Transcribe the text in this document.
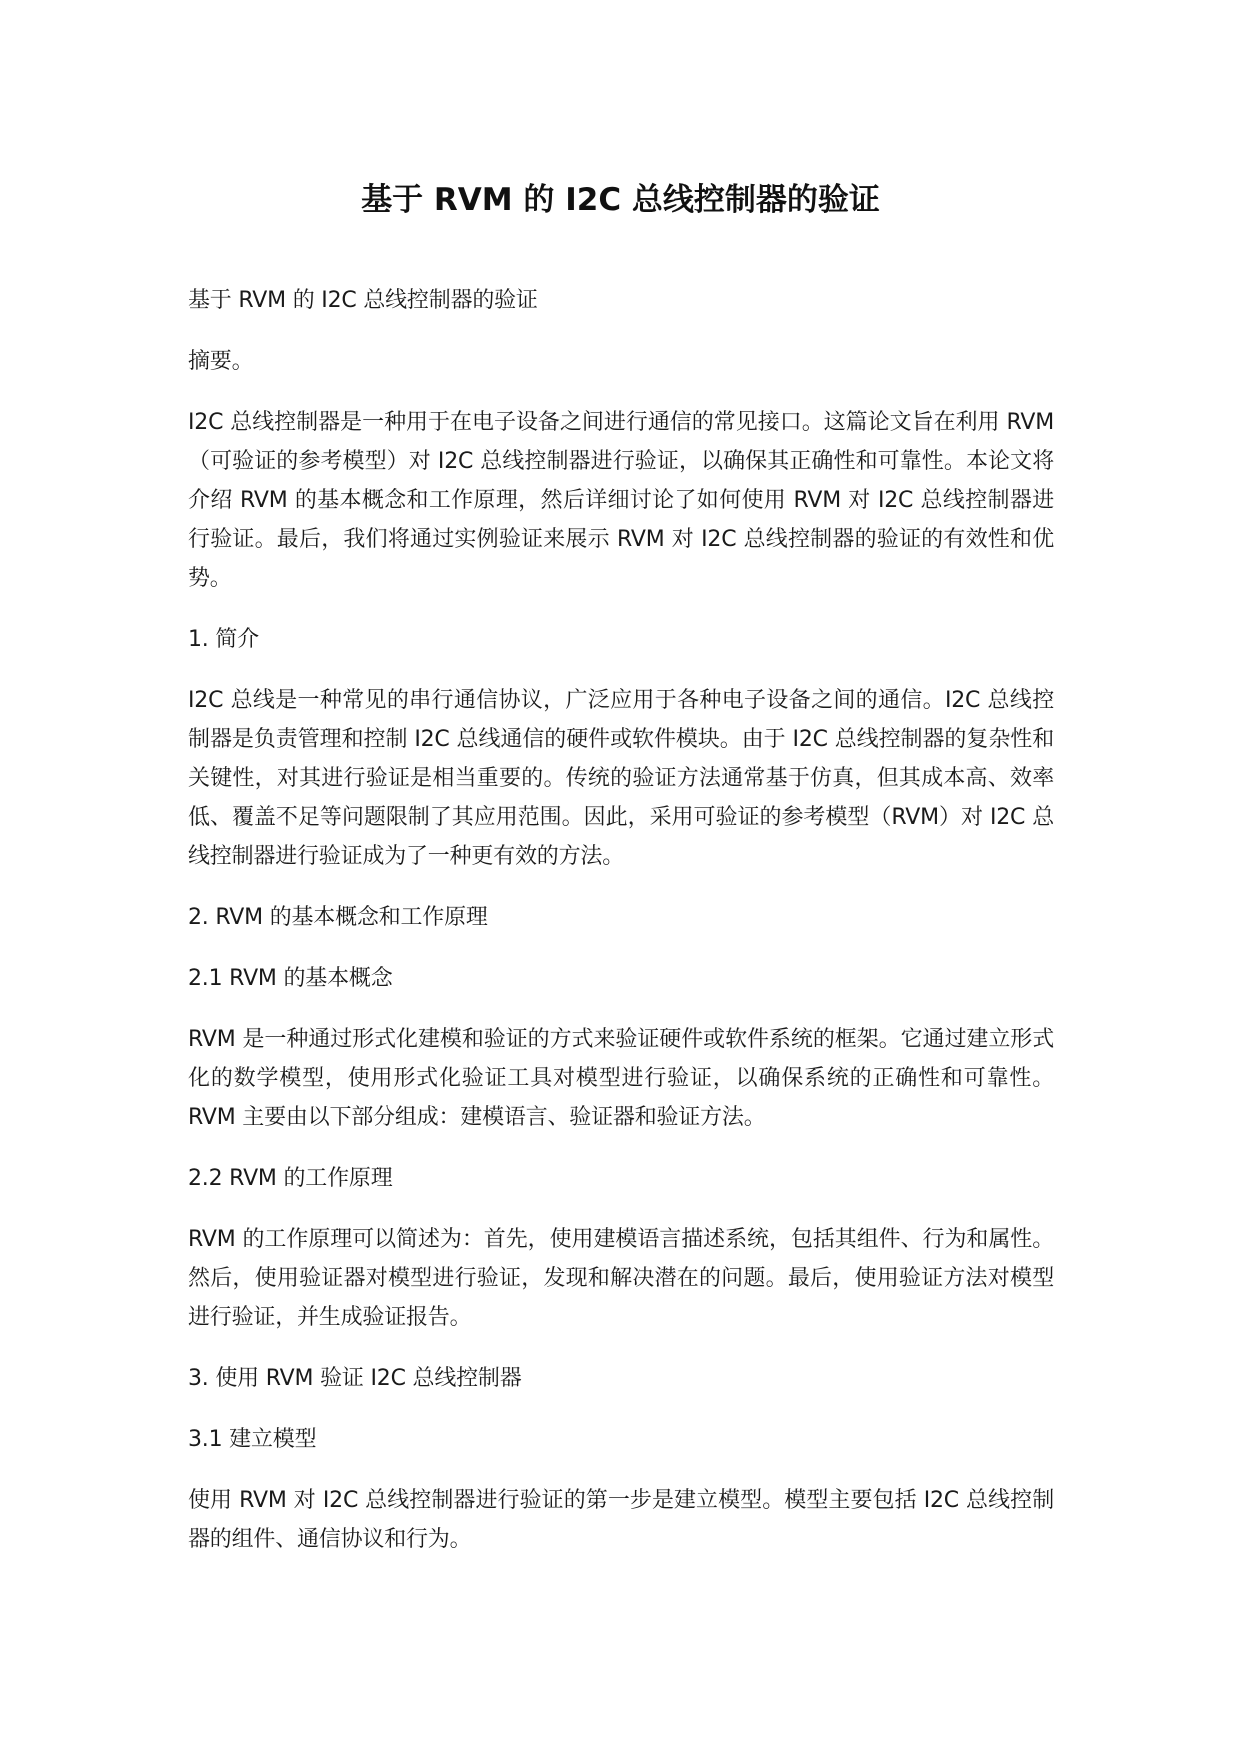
基于 RVM 的 I2C 总线控制器的验证

基于 RVM 的 I2C 总线控制器的验证

摘要。

I2C 总线控制器是一种用于在电子设备之间进行通信的常见接口。这篇论文旨在利用 RVM（可验证的参考模型）对 I2C 总线控制器进行验证，以确保其正确性和可靠性。本论文将介绍 RVM 的基本概念和工作原理，然后详细讨论了如何使用 RVM 对 I2C 总线控制器进行验证。最后，我们将通过实例验证来展示 RVM 对 I2C 总线控制器的验证的有效性和优势。

1. 简介

I2C 总线是一种常见的串行通信协议，广泛应用于各种电子设备之间的通信。I2C 总线控制器是负责管理和控制 I2C 总线通信的硬件或软件模块。由于 I2C 总线控制器的复杂性和关键性，对其进行验证是相当重要的。传统的验证方法通常基于仿真，但其成本高、效率低、覆盖不足等问题限制了其应用范围。因此，采用可验证的参考模型（RVM）对 I2C 总线控制器进行验证成为了一种更有效的方法。

2. RVM 的基本概念和工作原理

2.1 RVM 的基本概念

RVM 是一种通过形式化建模和验证的方式来验证硬件或软件系统的框架。它通过建立形式化的数学模型，使用形式化验证工具对模型进行验证，以确保系统的正确性和可靠性。RVM 主要由以下部分组成：建模语言、验证器和验证方法。

2.2 RVM 的工作原理

RVM 的工作原理可以简述为：首先，使用建模语言描述系统，包括其组件、行为和属性。然后，使用验证器对模型进行验证，发现和解决潜在的问题。最后，使用验证方法对模型进行验证，并生成验证报告。

3. 使用 RVM 验证 I2C 总线控制器

3.1 建立模型

使用 RVM 对 I2C 总线控制器进行验证的第一步是建立模型。模型主要包括 I2C 总线控制器的组件、通信协议和行为。
